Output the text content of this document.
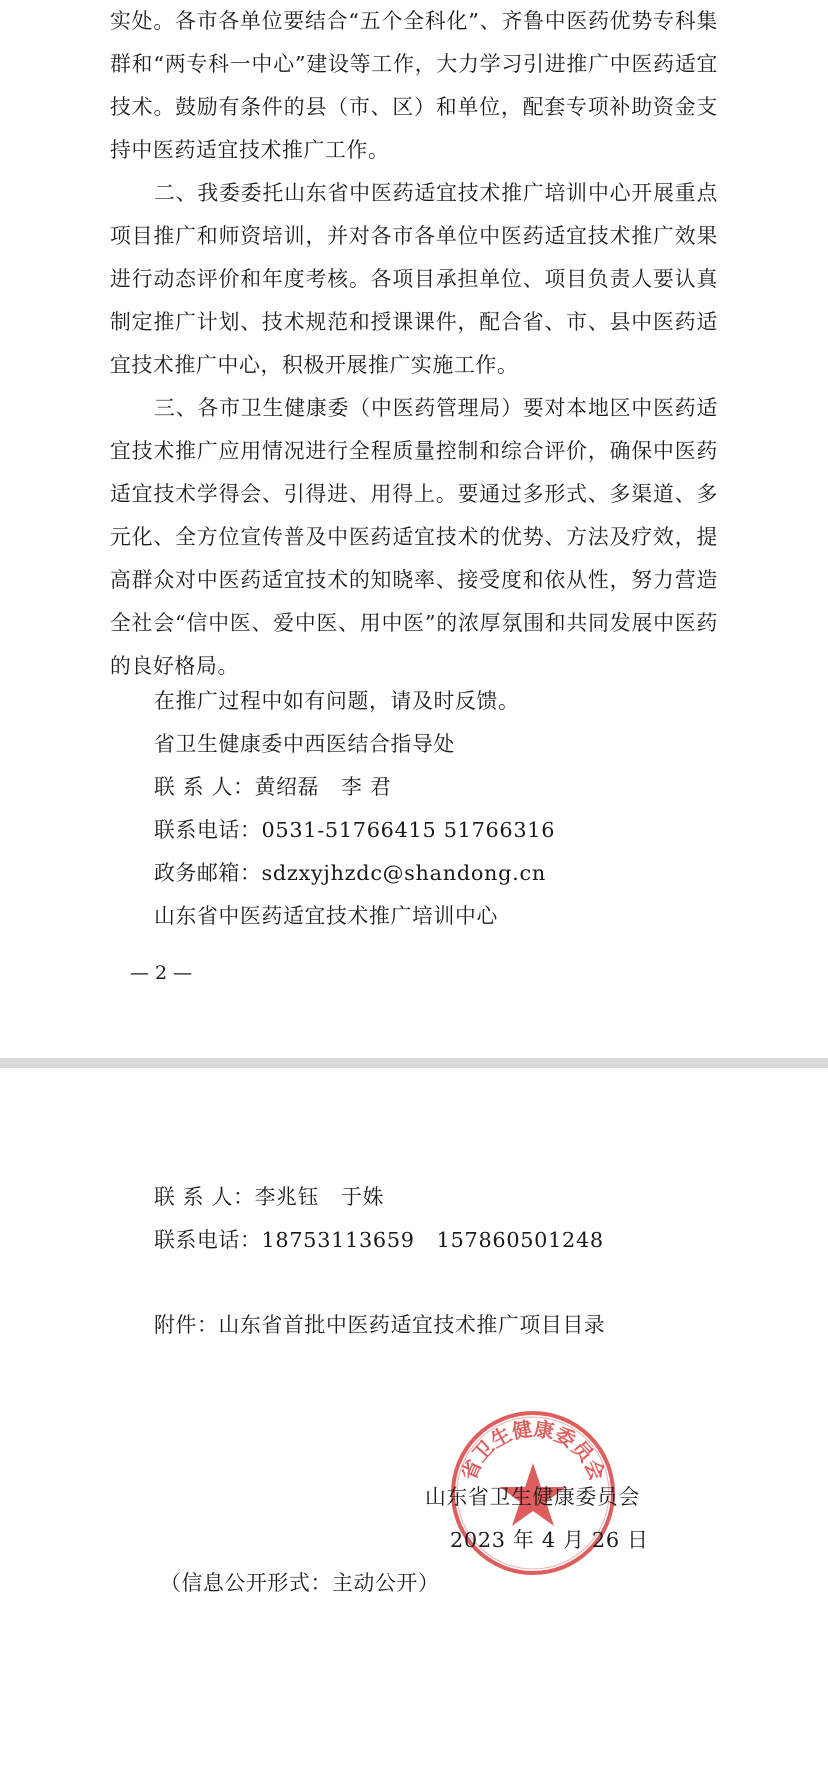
实处。各市各单位要结合“五个全科化”、齐鲁中医药优势专科集群和“两专科一中心”建设等工作，大力学习引进推广中医药适宜技术。鼓励有条件的县（市、区）和单位，配套专项补助资金支持中医药适宜技术推广工作。

二、我委委托山东省中医药适宜技术推广培训中心开展重点项目推广和师资培训，并对各市各单位中医药适宜技术推广效果进行动态评价和年度考核。各项目承担单位、项目负责人要认真制定推广计划、技术规范和授课课件，配合省、市、县中医药适宜技术推广中心，积极开展推广实施工作。

三、各市卫生健康委（中医药管理局）要对本地区中医药适宜技术推广应用情况进行全程质量控制和综合评价，确保中医药适宜技术学得会、引得进、用得上。要通过多形式、多渠道、多元化、全方位宣传普及中医药适宜技术的优势、方法及疗效，提高群众对中医药适宜技术的知晓率、接受度和依从性，努力营造全社会“信中医、爱中医、用中医”的浓厚氛围和共同发展中医药的良好格局。

在推广过程中如有问题，请及时反馈。
省卫生健康委中西医结合指导处
联 系 人：黄绍磊   李 君
联系电话：0531-51766415 51766316
政务邮箱：sdzxyjhzdc@shandong.cn
山东省中医药适宜技术推广培训中心
— 2 —
联 系 人：李兆钰   于姝
联系电话：18753113659   157860501248
附件：山东省首批中医药适宜技术推广项目目录
省卫生健康委员会
山东省卫生健康委员会
2023 年 4 月 26 日
（信息公开形式：主动公开）
